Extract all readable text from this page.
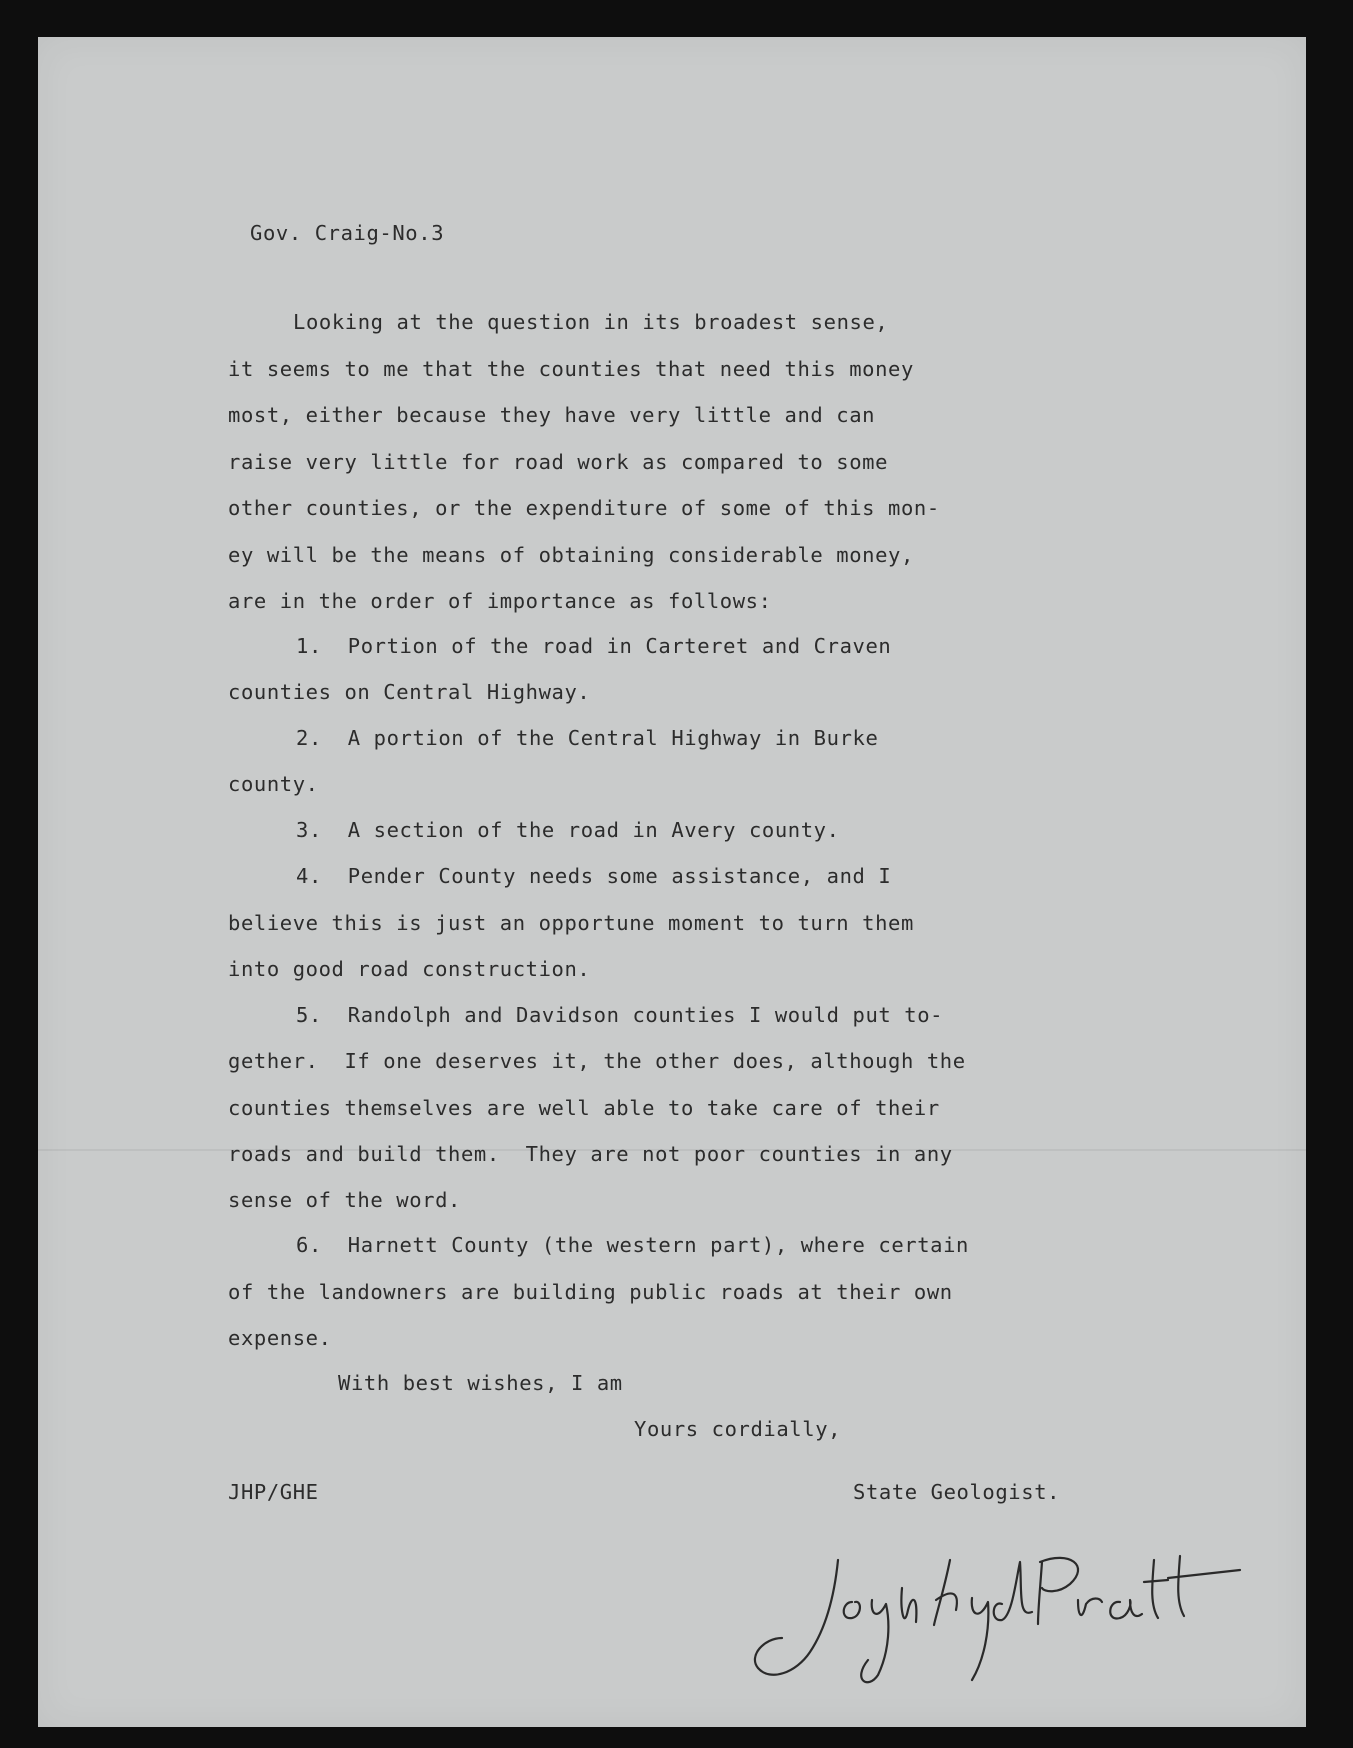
Gov. Craig-No.3
Looking at the question in its broadest sense,
it seems to me that the counties that need this money
most, either because they have very little and can
raise very little for road work as compared to some
other counties, or the expenditure of some of this mon-
ey will be the means of obtaining considerable money,
are in the order of importance as follows:
1.  Portion of the road in Carteret and Craven
counties on Central Highway.
2.  A portion of the Central Highway in Burke
county.
3.  A section of the road in Avery county.
4.  Pender County needs some assistance, and I
believe this is just an opportune moment to turn them
into good road construction.
5.  Randolph and Davidson counties I would put to-
gether.  If one deserves it, the other does, although the
counties themselves are well able to take care of their
roads and build them.  They are not poor counties in any
sense of the word.
6.  Harnett County (the western part), where certain
of the landowners are building public roads at their own
expense.
With best wishes, I am
Yours cordially,
State Geologist.
JHP/GHE
